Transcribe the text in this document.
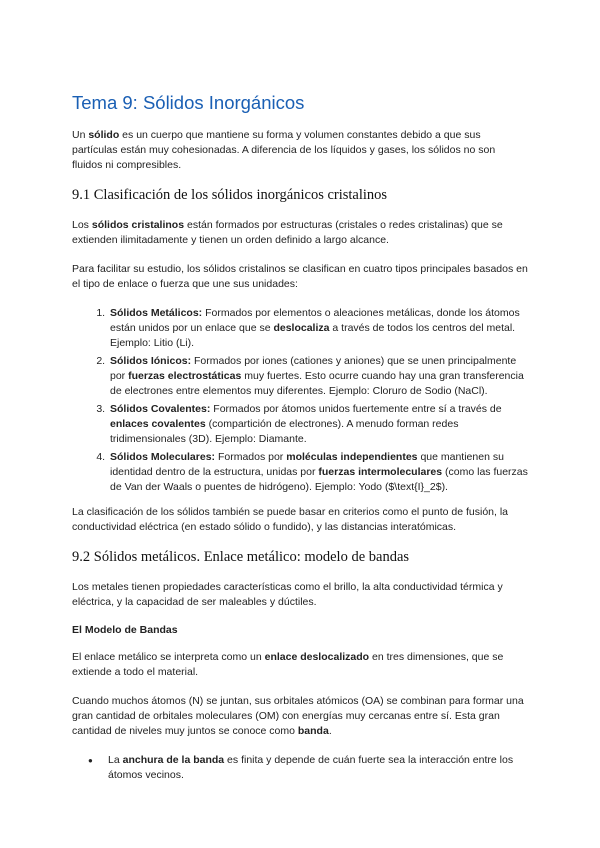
Tema 9: Sólidos Inorgánicos

Un sólido es un cuerpo que mantiene su forma y volumen constantes debido a que sus partículas están muy cohesionadas. A diferencia de los líquidos y gases, los sólidos no son fluidos ni compresibles.

9.1 Clasificación de los sólidos inorgánicos cristalinos

Los sólidos cristalinos están formados por estructuras (cristales o redes cristalinas) que se extienden ilimitadamente y tienen un orden definido a largo alcance.

Para facilitar su estudio, los sólidos cristalinos se clasifican en cuatro tipos principales basados en el tipo de enlace o fuerza que une sus unidades:

1. Sólidos Metálicos: Formados por elementos o aleaciones metálicas, donde los átomos están unidos por un enlace que se deslocaliza a través de todos los centros del metal. Ejemplo: Litio (Li).
2. Sólidos Iónicos: Formados por iones (cationes y aniones) que se unen principalmente por fuerzas electrostáticas muy fuertes. Esto ocurre cuando hay una gran transferencia de electrones entre elementos muy diferentes. Ejemplo: Cloruro de Sodio (NaCl).
3. Sólidos Covalentes: Formados por átomos unidos fuertemente entre sí a través de enlaces covalentes (compartición de electrones). A menudo forman redes tridimensionales (3D). Ejemplo: Diamante.
4. Sólidos Moleculares: Formados por moléculas independientes que mantienen su identidad dentro de la estructura, unidas por fuerzas intermoleculares (como las fuerzas de Van der Waals o puentes de hidrógeno). Ejemplo: Yodo ($\text{I}_2$).

La clasificación de los sólidos también se puede basar en criterios como el punto de fusión, la conductividad eléctrica (en estado sólido o fundido), y las distancias interatómicas.

9.2 Sólidos metálicos. Enlace metálico: modelo de bandas

Los metales tienen propiedades características como el brillo, la alta conductividad térmica y eléctrica, y la capacidad de ser maleables y dúctiles.

El Modelo de Bandas

El enlace metálico se interpreta como un enlace deslocalizado en tres dimensiones, que se extiende a todo el material.

Cuando muchos átomos (N) se juntan, sus orbitales atómicos (OA) se combinan para formar una gran cantidad de orbitales moleculares (OM) con energías muy cercanas entre sí. Esta gran cantidad de niveles muy juntos se conoce como banda.

● La anchura de la banda es finita y depende de cuán fuerte sea la interacción entre los átomos vecinos.
